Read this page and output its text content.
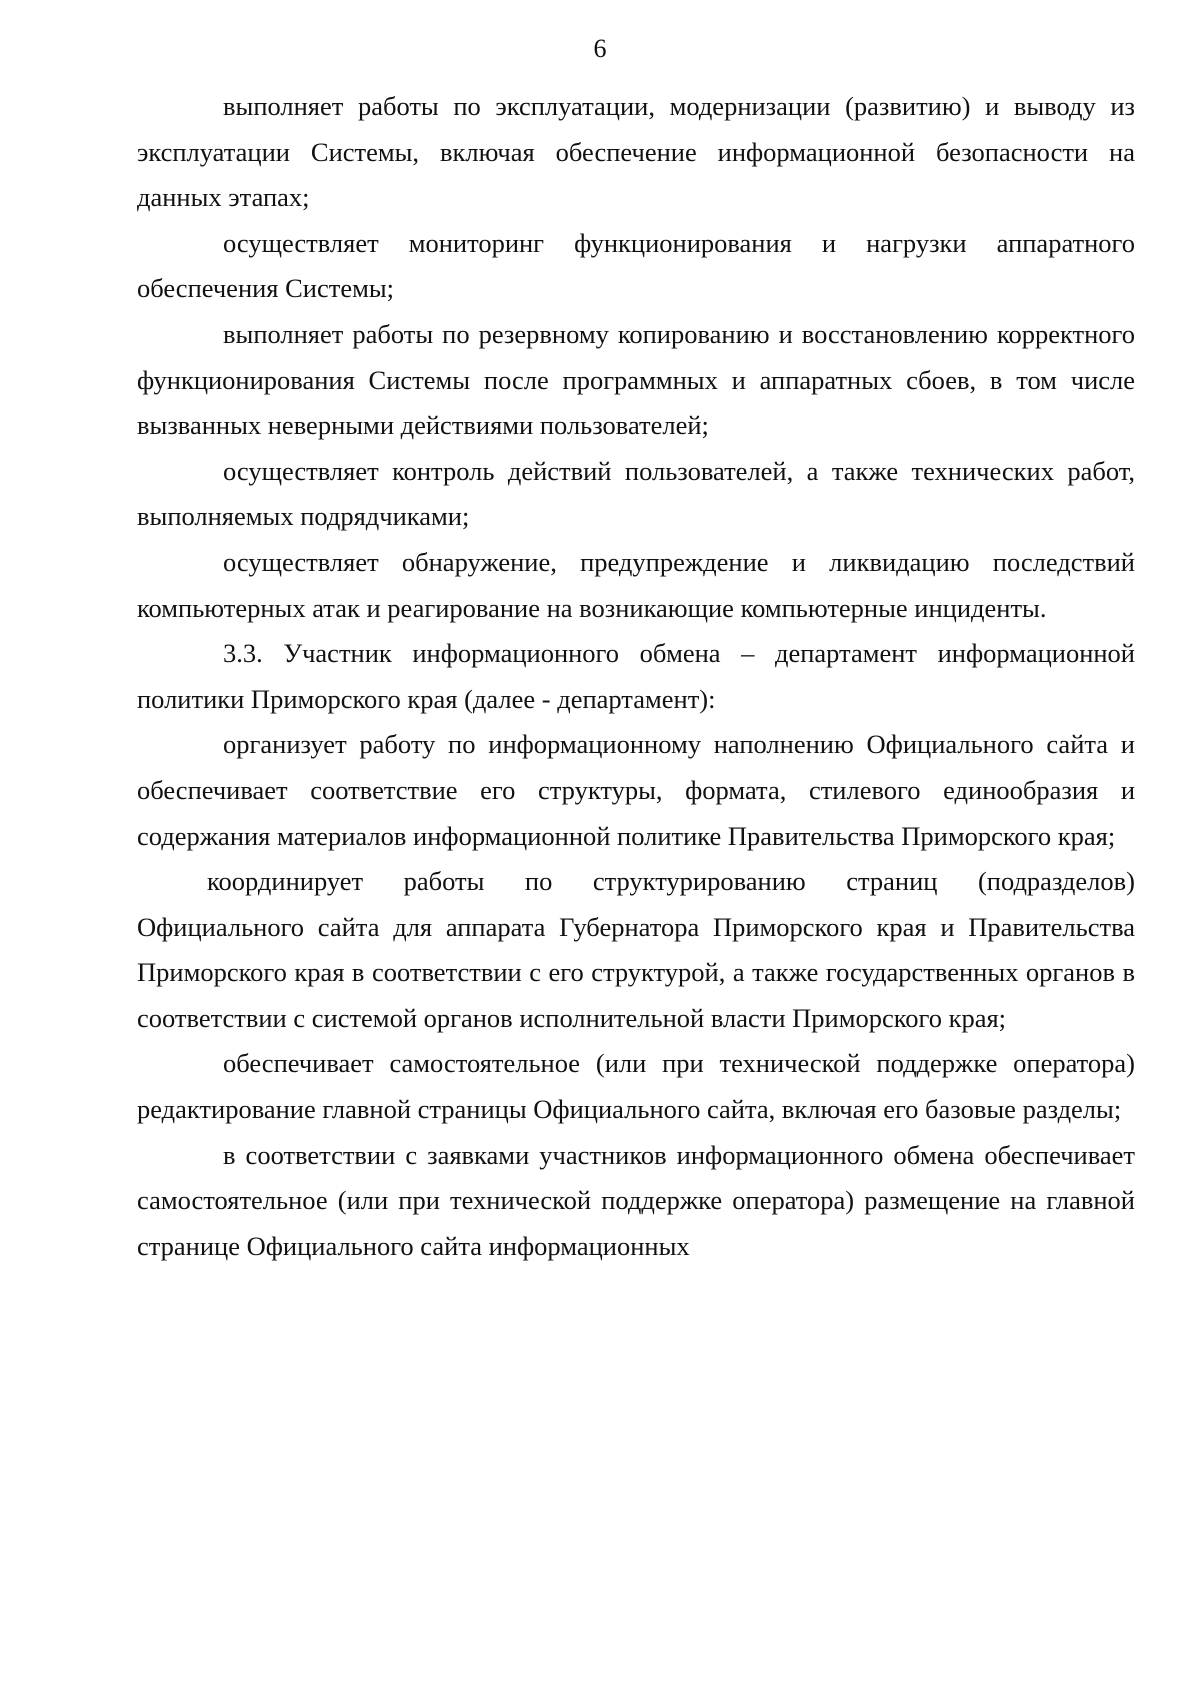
6

выполняет работы по эксплуатации, модернизации (развитию) и выводу из эксплуатации Системы, включая обеспечение информационной безопасности на данных этапах;

осуществляет мониторинг функционирования и нагрузки аппаратного обеспечения Системы;

выполняет работы по резервному копированию и восстановлению корректного функционирования Системы после программных и аппаратных сбоев, в том числе вызванных неверными действиями пользователей;

осуществляет контроль действий пользователей, а также технических работ, выполняемых подрядчиками;

осуществляет обнаружение, предупреждение и ликвидацию последствий компьютерных атак и реагирование на возникающие компьютерные инциденты.

3.3. Участник информационного обмена – департамент информационной политики Приморского края (далее - департамент):

организует работу по информационному наполнению Официального сайта и обеспечивает соответствие его структуры, формата, стилевого единообразия и содержания материалов информационной политике Правительства Приморского края;

координирует работы по структурированию страниц (подразделов) Официального сайта для аппарата Губернатора Приморского края и Правительства Приморского края в соответствии с его структурой, а также государственных органов в соответствии с системой органов исполнительной власти Приморского края;

обеспечивает самостоятельное (или при технической поддержке оператора) редактирование главной страницы Официального сайта, включая его базовые разделы;

в соответствии с заявками участников информационного обмена обеспечивает самостоятельное (или при технической поддержке оператора) размещение на главной странице Официального сайта информационных
